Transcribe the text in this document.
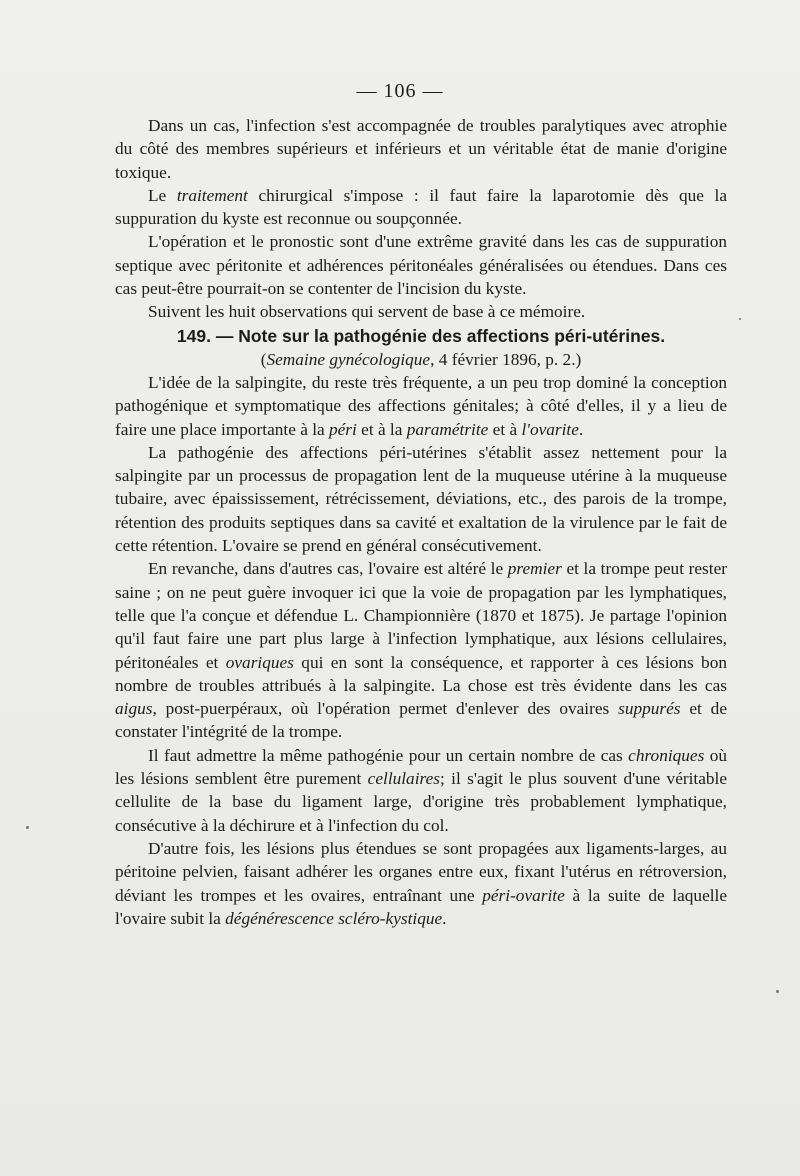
— 106 —

Dans un cas, l'infection s'est accompagnée de troubles paralytiques avec atrophie du côté des membres supérieurs et inférieurs et un véritable état de manie d'origine toxique.

Le traitement chirurgical s'impose : il faut faire la laparotomie dès que la suppuration du kyste est reconnue ou soupçonnée.

L'opération et le pronostic sont d'une extrême gravité dans les cas de suppuration septique avec péritonite et adhérences péritonéales généralisées ou étendues. Dans ces cas peut-être pourrait-on se contenter de l'incision du kyste.

Suivent les huit observations qui servent de base à ce mémoire.

149. — Note sur la pathogénie des affections péri-utérines.

(Semaine gynécologique, 4 février 1896, p. 2.)

L'idée de la salpingite, du reste très fréquente, a un peu trop dominé la conception pathogénique et symptomatique des affections génitales; à côté d'elles, il y a lieu de faire une place importante à la péri et à la paramétrite et à l'ovarite.

La pathogénie des affections péri-utérines s'établit assez nettement pour la salpingite par un processus de propagation lent de la muqueuse utérine à la muqueuse tubaire, avec épaississement, rétrécissement, déviations, etc., des parois de la trompe, rétention des produits septiques dans sa cavité et exaltation de la virulence par le fait de cette rétention. L'ovaire se prend en général consécutivement.

En revanche, dans d'autres cas, l'ovaire est altéré le premier et la trompe peut rester saine ; on ne peut guère invoquer ici que la voie de propagation par les lymphatiques, telle que l'a conçue et défendue L. Championnière (1870 et 1875). Je partage l'opinion qu'il faut faire une part plus large à l'infection lymphatique, aux lésions cellulaires, péritonéales et ovariques qui en sont la conséquence, et rapporter à ces lésions bon nombre de troubles attribués à la salpingite. La chose est très évidente dans les cas aigus, post-puerpéraux, où l'opération permet d'enlever des ovaires suppurés et de constater l'intégrité de la trompe.

Il faut admettre la même pathogénie pour un certain nombre de cas chroniques où les lésions semblent être purement cellulaires; il s'agit le plus souvent d'une véritable cellulite de la base du ligament large, d'origine très probablement lymphatique, consécutive à la déchirure et à l'infection du col.

D'autre fois, les lésions plus étendues se sont propagées aux ligaments-larges, au péritoine pelvien, faisant adhérer les organes entre eux, fixant l'utérus en rétroversion, déviant les trompes et les ovaires, entraînant une péri-ovarite à la suite de laquelle l'ovaire subit la dégénérescence scléro-kystique.
